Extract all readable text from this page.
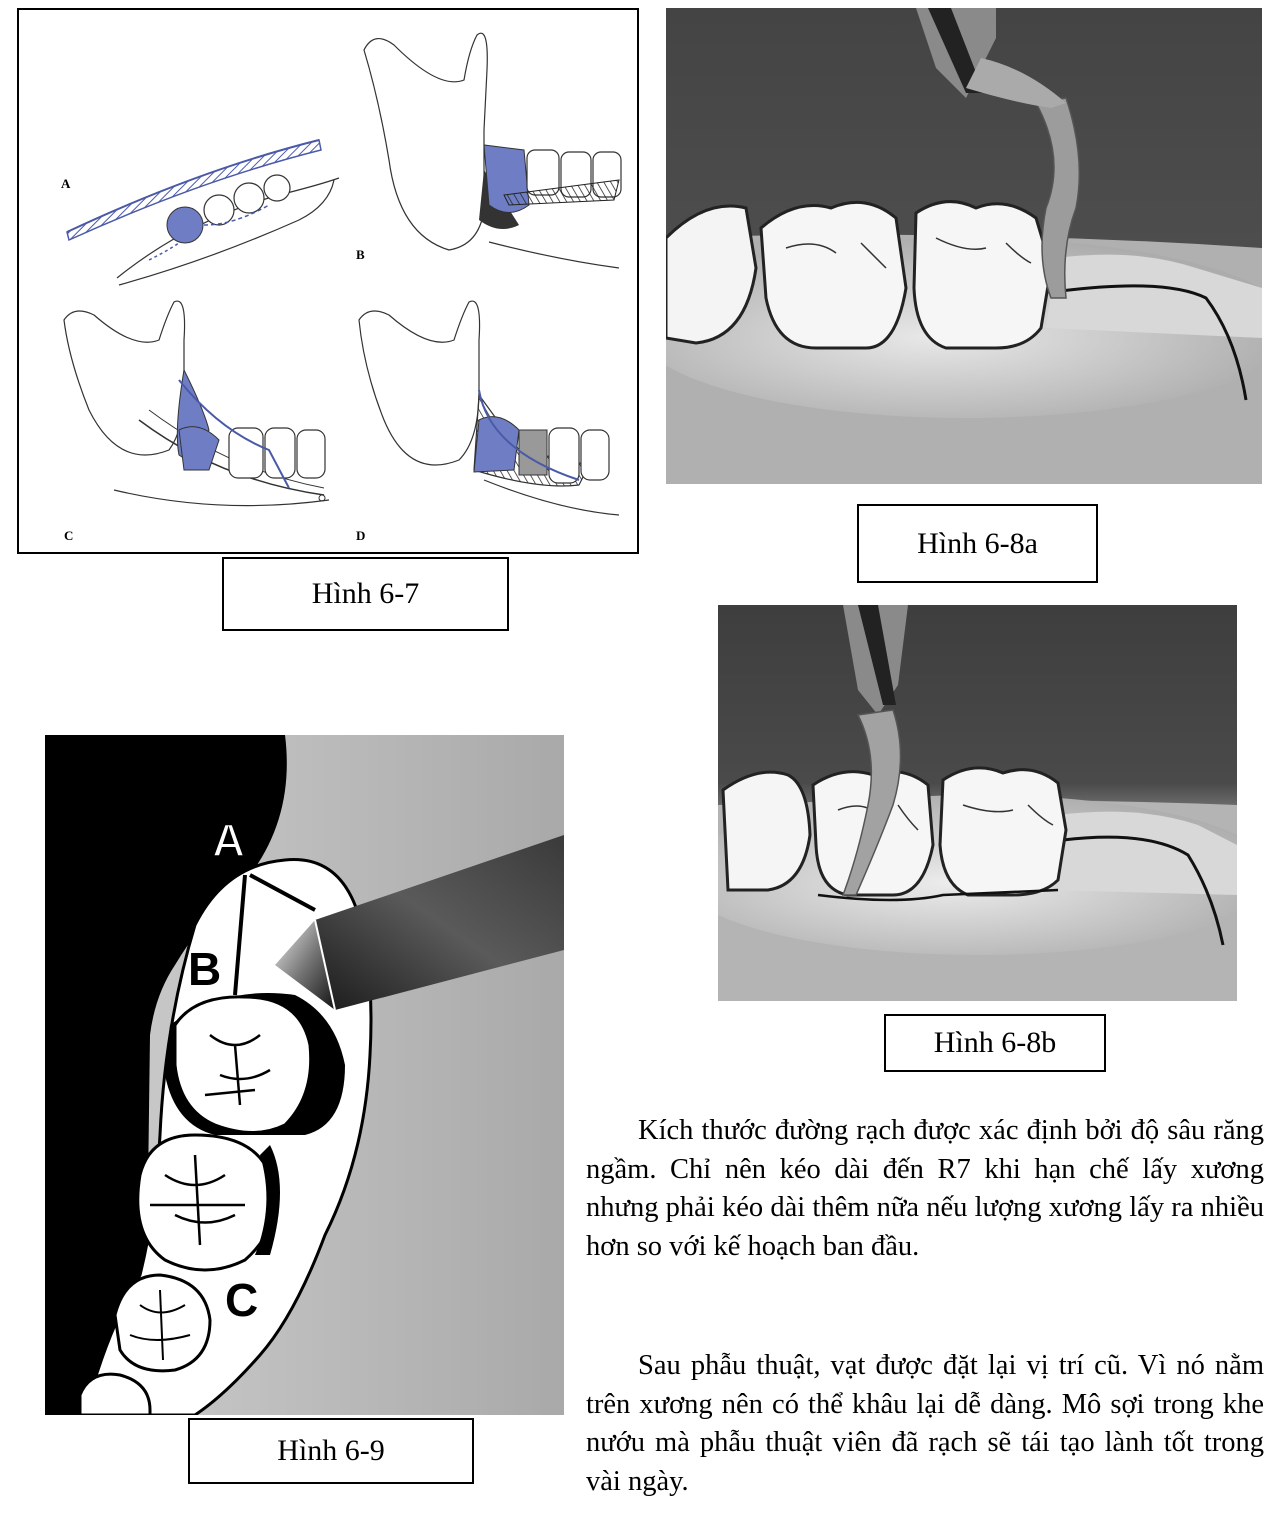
A
B
C	D
Hình 6-7
Hình 6-8a
Hình 6-8b
A
B
C
Hình 6-9

Kích thước đường rạch được xác định bởi độ sâu răng ngầm. Chỉ nên kéo dài đến R7 khi hạn chế lấy xương nhưng phải kéo dài thêm nữa nếu lượng xương lấy ra nhiều hơn so với kế hoạch ban đầu.

Sau phẫu thuật, vạt được đặt lại vị trí cũ. Vì nó nằm trên xương nên có thể khâu lại dễ dàng. Mô sợi trong khe nướu mà phẫu thuật viên đã rạch sẽ tái tạo lành tốt trong vài ngày.
